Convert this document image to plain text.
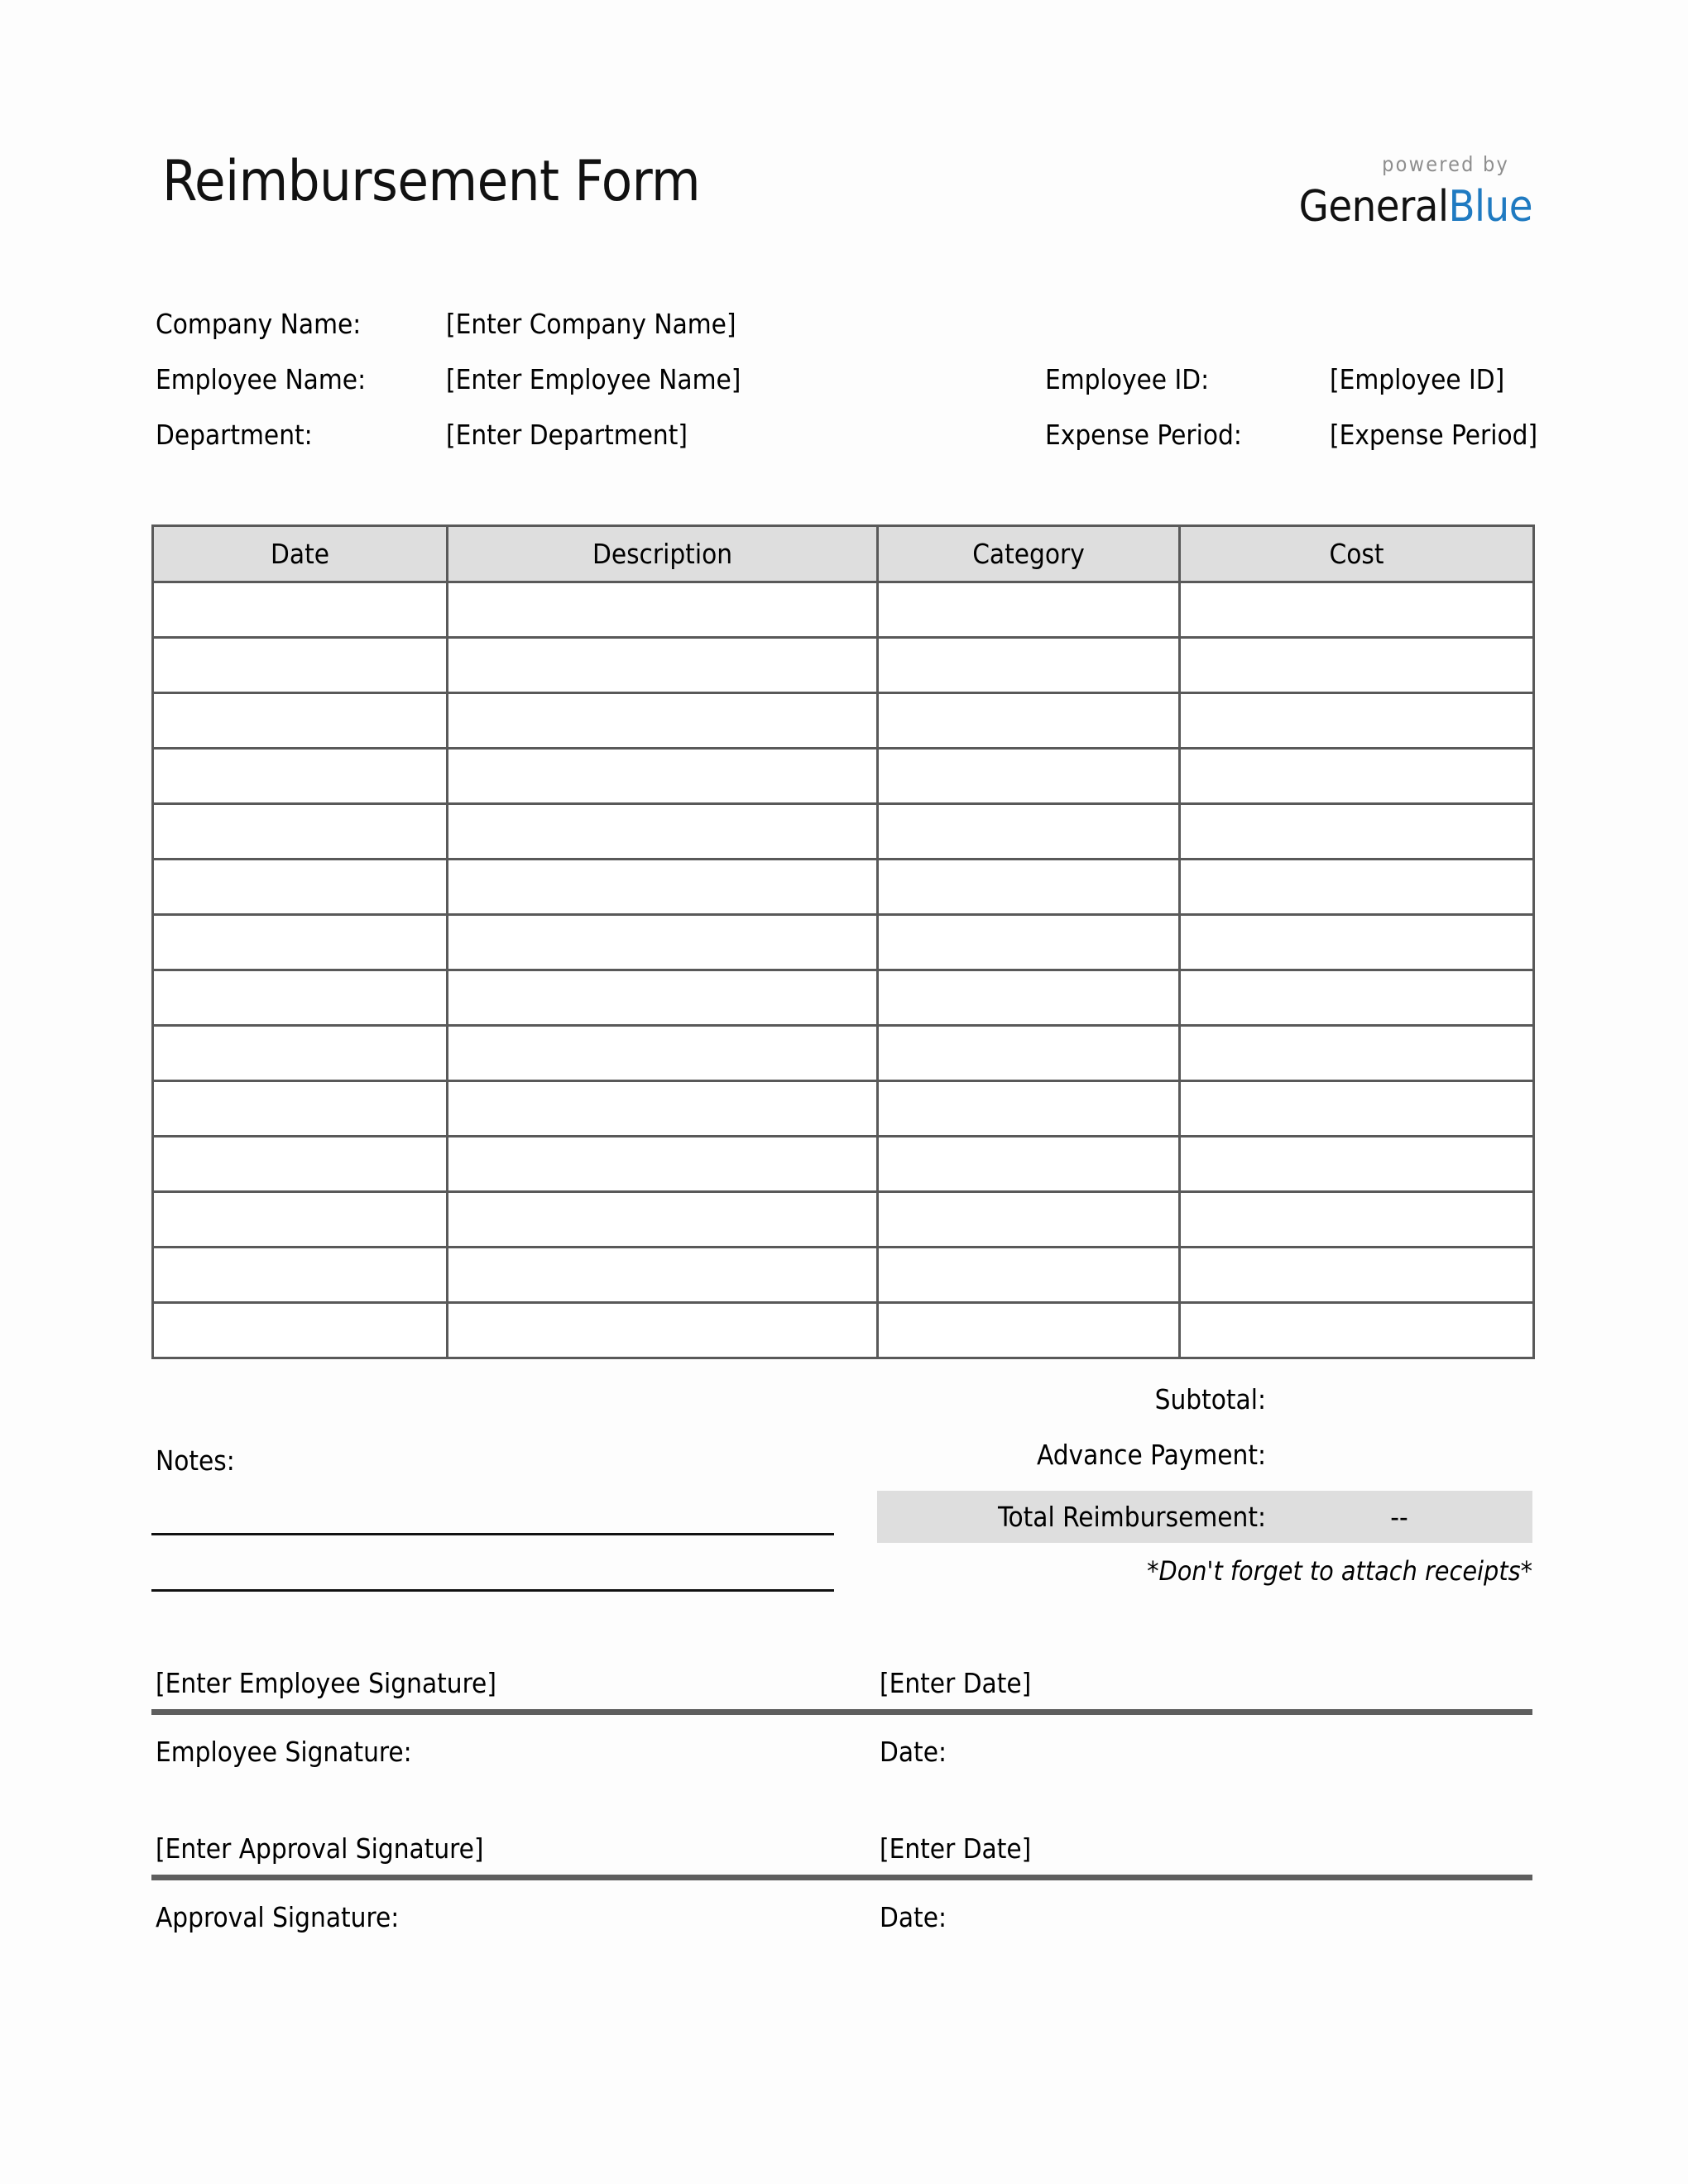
Reimbursement Form	powered by
GeneralBlue
Company Name:	[Enter Company Name]
Employee Name:	[Enter Employee Name]	Employee ID:	[Employee ID]
Department:	[Enter Department]	Expense Period:	[Expense Period]
Date	Description	Category	Cost

Notes:
Subtotal:
Advance Payment:
Total Reimbursement:	--
*Don't forget to attach receipts*
[Enter Employee Signature]	[Enter Date]
Employee Signature:	Date:
[Enter Approval Signature]	[Enter Date]
Approval Signature:	Date:
